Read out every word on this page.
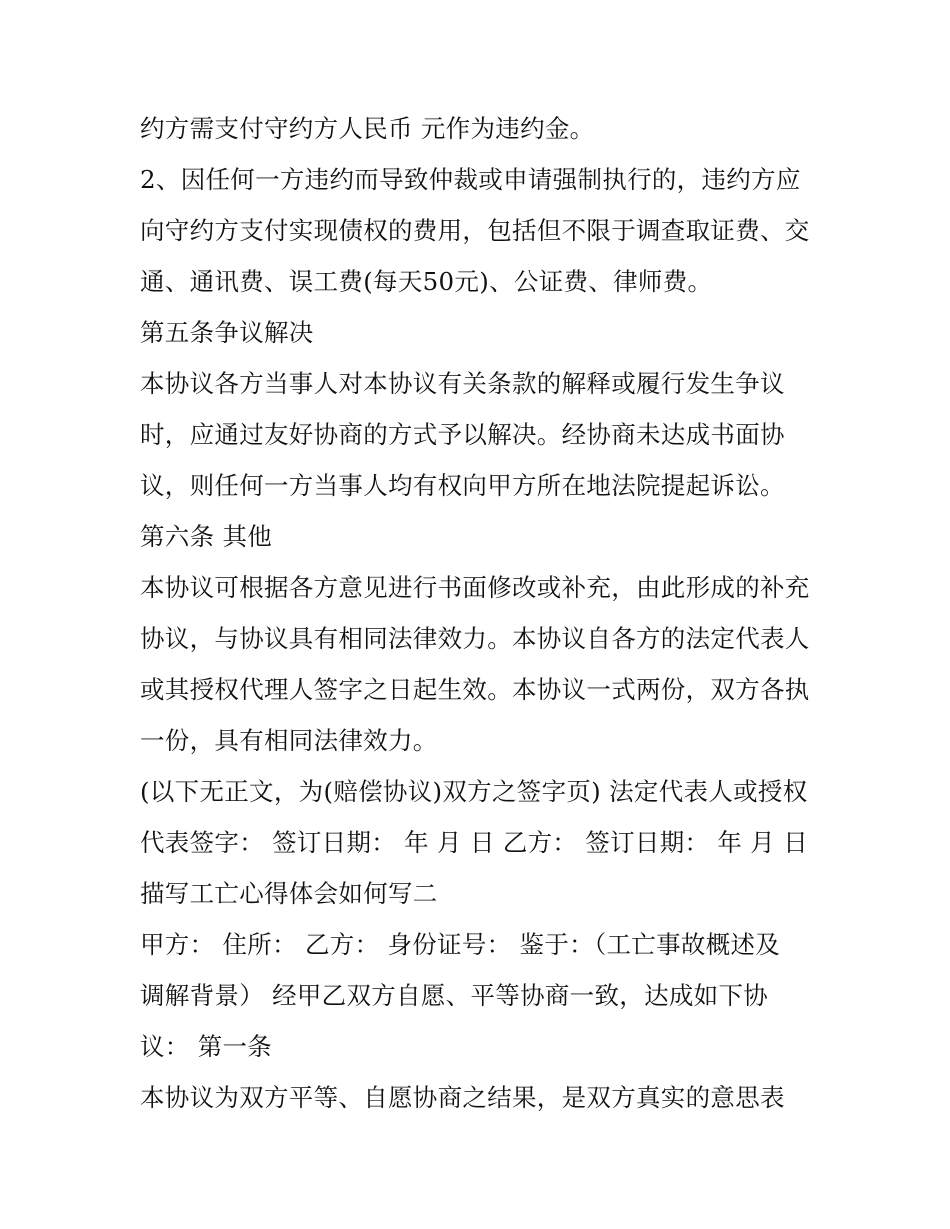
约方需支付守约方人民币 元作为违约金。
2、因任何一方违约而导致仲裁或申请强制执行的，违约方应
向守约方支付实现债权的费用，包括但不限于调查取证费、交
通、通讯费、误工费(每天50元)、公证费、律师费。
第五条争议解决
本协议各方当事人对本协议有关条款的解释或履行发生争议
时，应通过友好协商的方式予以解决。经协商未达成书面协
议，则任何一方当事人均有权向甲方所在地法院提起诉讼。
第六条 其他
本协议可根据各方意见进行书面修改或补充，由此形成的补充
协议，与协议具有相同法律效力。本协议自各方的法定代表人
或其授权代理人签字之日起生效。本协议一式两份，双方各执
一份，具有相同法律效力。
(以下无正文，为(赔偿协议)双方之签字页) 法定代表人或授权
代表签字： 签订日期： 年 月 日 乙方： 签订日期： 年 月 日
描写工亡心得体会如何写二
甲方： 住所： 乙方： 身份证号： 鉴于：（工亡事故概述及
调解背景） 经甲乙双方自愿、平等协商一致，达成如下协
议： 第一条
本协议为双方平等、自愿协商之结果，是双方真实的意思表
